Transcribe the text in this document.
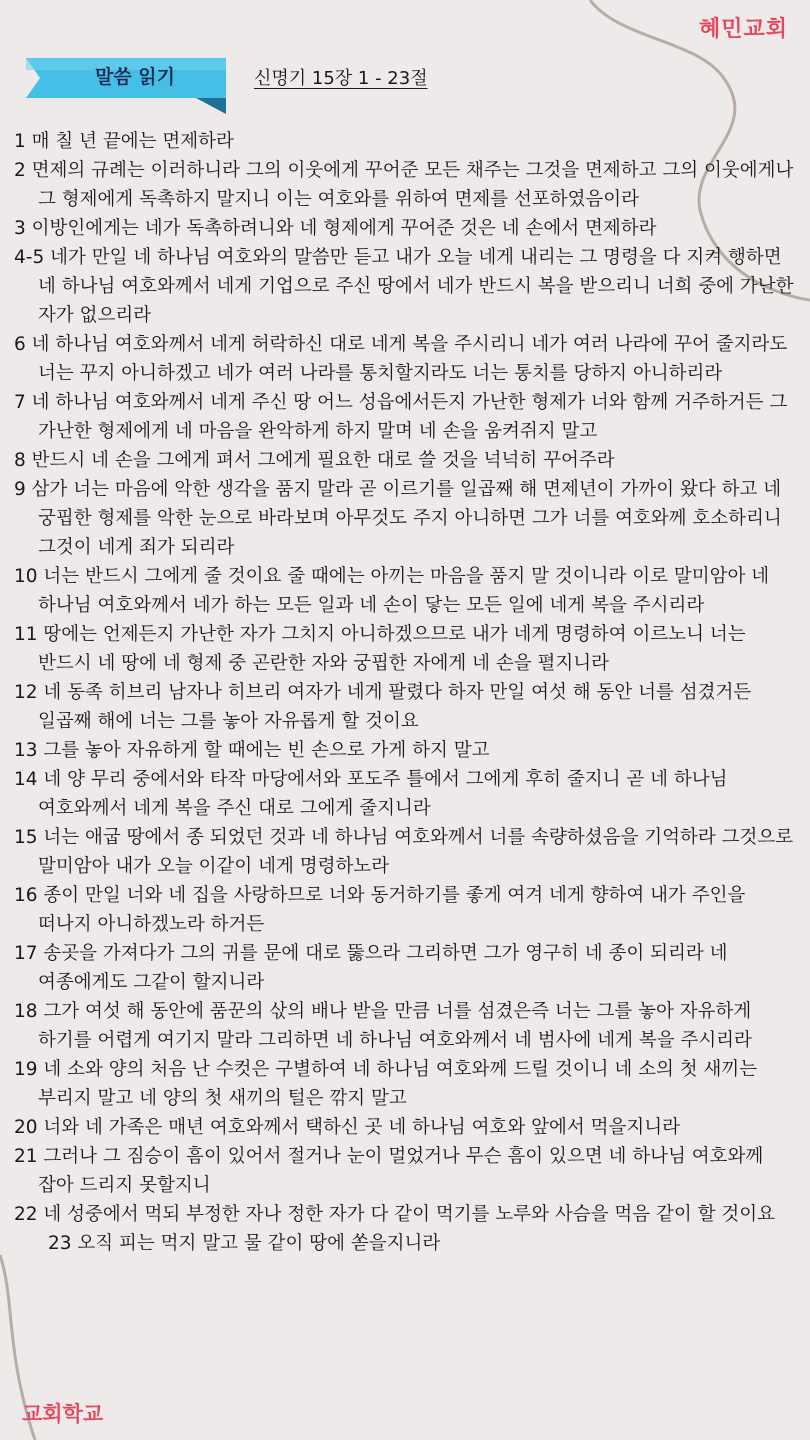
혜민교회
말씀 읽기	신명기 15장 1 - 23절
1 매 칠 년 끝에는 면제하라
2 면제의 규례는 이러하니라 그의 이웃에게 꾸어준 모든 채주는 그것을 면제하고 그의 이웃에게나 그 형제에게 독촉하지 말지니 이는 여호와를 위하여 면제를 선포하였음이라
3 이방인에게는 네가 독촉하려니와 네 형제에게 꾸어준 것은 네 손에서 면제하라
4-5 네가 만일 네 하나님 여호와의 말씀만 듣고 내가 오늘 네게 내리는 그 명령을 다 지켜 행하면 네 하나님 여호와께서 네게 기업으로 주신 땅에서 네가 반드시 복을 받으리니 너희 중에 가난한 자가 없으리라
6 네 하나님 여호와께서 네게 허락하신 대로 네게 복을 주시리니 네가 여러 나라에 꾸어 줄지라도 너는 꾸지 아니하겠고 네가 여러 나라를 통치할지라도 너는 통치를 당하지 아니하리라
7 네 하나님 여호와께서 네게 주신 땅 어느 성읍에서든지 가난한 형제가 너와 함께 거주하거든 그 가난한 형제에게 네 마음을 완악하게 하지 말며 네 손을 움켜쥐지 말고
8 반드시 네 손을 그에게 펴서 그에게 필요한 대로 쓸 것을 넉넉히 꾸어주라
9 삼가 너는 마음에 악한 생각을 품지 말라 곧 이르기를 일곱째 해 면제년이 가까이 왔다 하고 네 궁핍한 형제를 악한 눈으로 바라보며 아무것도 주지 아니하면 그가 너를 여호와께 호소하리니 그것이 네게 죄가 되리라
10 너는 반드시 그에게 줄 것이요 줄 때에는 아끼는 마음을 품지 말 것이니라 이로 말미암아 네 하나님 여호와께서 네가 하는 모든 일과 네 손이 닿는 모든 일에 네게 복을 주시리라
11 땅에는 언제든지 가난한 자가 그치지 아니하겠으므로 내가 네게 명령하여 이르노니 너는 반드시 네 땅에 네 형제 중 곤란한 자와 궁핍한 자에게 네 손을 펼지니라
12 네 동족 히브리 남자나 히브리 여자가 네게 팔렸다 하자 만일 여섯 해 동안 너를 섬겼거든 일곱째 해에 너는 그를 놓아 자유롭게 할 것이요
13 그를 놓아 자유하게 할 때에는 빈 손으로 가게 하지 말고
14 네 양 무리 중에서와 타작 마당에서와 포도주 틀에서 그에게 후히 줄지니 곧 네 하나님 여호와께서 네게 복을 주신 대로 그에게 줄지니라
15 너는 애굽 땅에서 종 되었던 것과 네 하나님 여호와께서 너를 속량하셨음을 기억하라 그것으로 말미암아 내가 오늘 이같이 네게 명령하노라
16 종이 만일 너와 네 집을 사랑하므로 너와 동거하기를 좋게 여겨 네게 향하여 내가 주인을 떠나지 아니하겠노라 하거든
17 송곳을 가져다가 그의 귀를 문에 대로 뚫으라 그리하면 그가 영구히 네 종이 되리라 네 여종에게도 그같이 할지니라
18 그가 여섯 해 동안에 품꾼의 삯의 배나 받을 만큼 너를 섬겼은즉 너는 그를 놓아 자유하게 하기를 어렵게 여기지 말라 그리하면 네 하나님 여호와께서 네 범사에 네게 복을 주시리라
19 네 소와 양의 처음 난 수컷은 구별하여 네 하나님 여호와께 드릴 것이니 네 소의 첫 새끼는 부리지 말고 네 양의 첫 새끼의 털은 깎지 말고
20 너와 네 가족은 매년 여호와께서 택하신 곳 네 하나님 여호와 앞에서 먹을지니라
21 그러나 그 짐승이 흠이 있어서 절거나 눈이 멀었거나 무슨 흠이 있으면 네 하나님 여호와께 잡아 드리지 못할지니
22 네 성중에서 먹되 부정한 자나 정한 자가 다 같이 먹기를 노루와 사슴을 먹음 같이 할 것이요
23 오직 피는 먹지 말고 물 같이 땅에 쏟을지니라
교회학교
